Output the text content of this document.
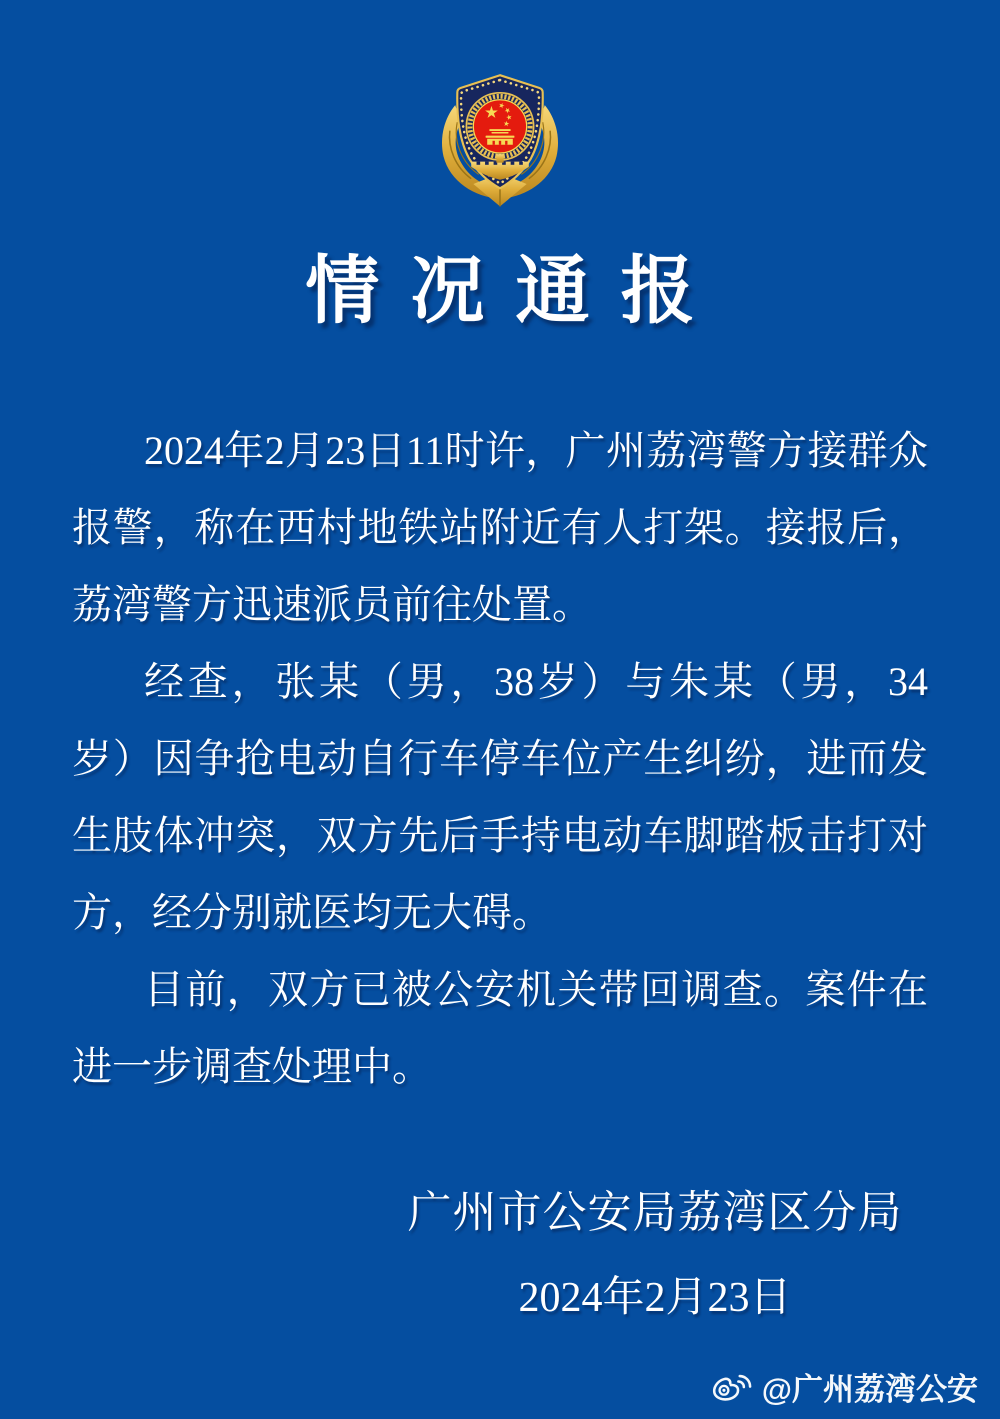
情况通报
2024年2月23日11时许，广州荔湾警方接群众
报警，称在西村地铁站附近有人打架。接报后，
荔湾警方迅速派员前往处置。
经查，张某（男，38岁）与朱某（男，34
岁）因争抢电动自行车停车位产生纠纷，进而发
生肢体冲突，双方先后手持电动车脚踏板击打对
方，经分别就医均无大碍。
目前，双方已被公安机关带回调查。案件在
进一步调查处理中。
广州市公安局荔湾区分局
2024年2月23日
@广州荔湾公安
